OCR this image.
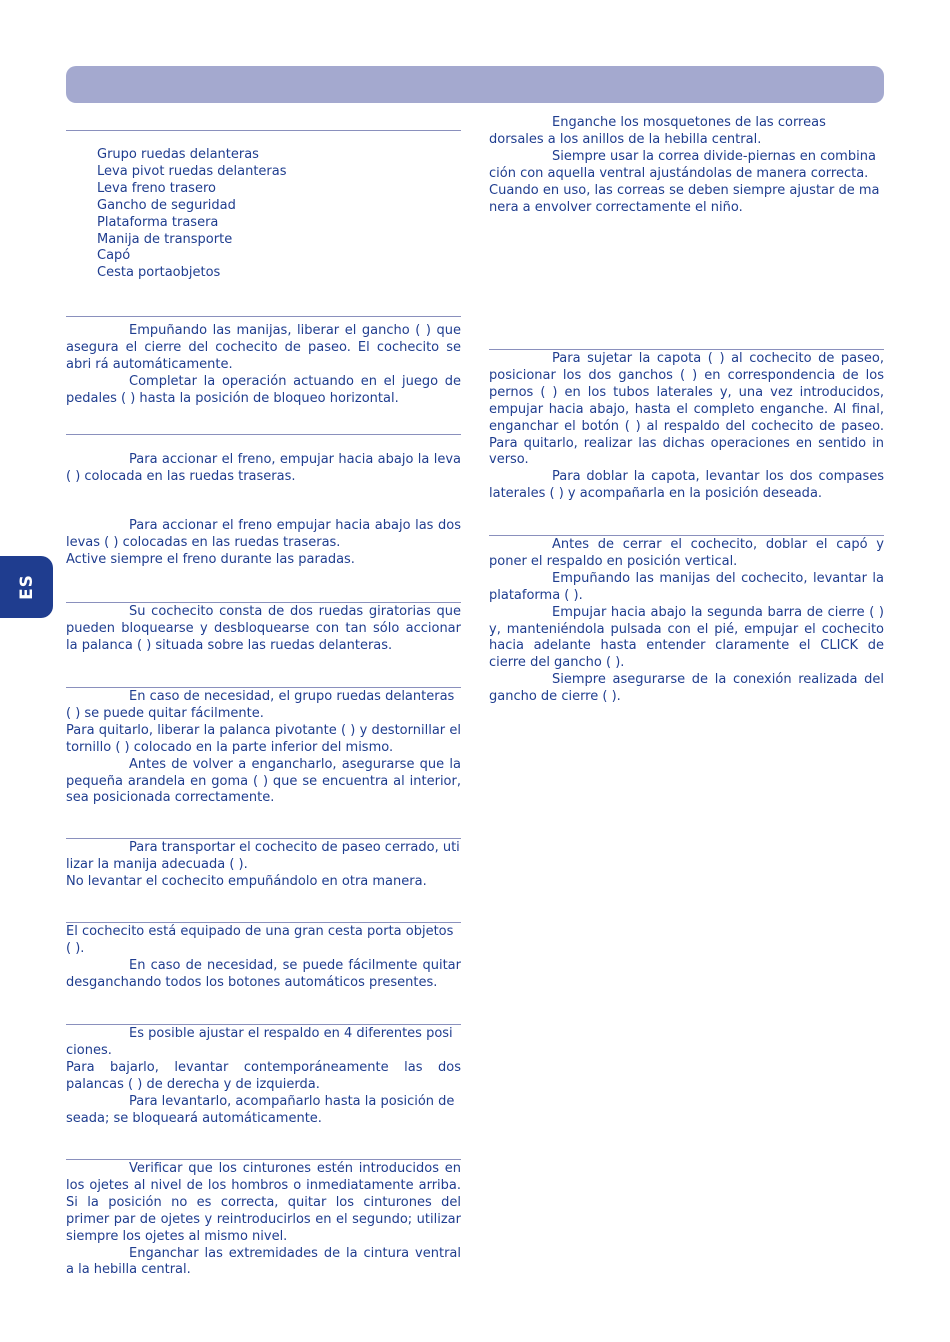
ES
Grupo ruedas delanteras
Leva pivot ruedas delanteras
Leva freno trasero
Gancho de seguridad
Plataforma trasera
Manija de transporte
Capó
Cesta portaobjetos

Empuñando las manijas, liberar el gancho ( ) que asegura el cierre del cochecito de paseo. El cochecito se abri rá automáticamente.

Completar la operación actuando en el juego de pedales ( ) hasta la posición de bloqueo horizontal.

Para accionar el freno, empujar hacia abajo la leva ( ) colocada en las ruedas traseras.

Para accionar el freno empujar hacia abajo las dos levas ( ) colocadas en las ruedas traseras.

Active siempre el freno durante las paradas.

Su cochecito consta de dos ruedas giratorias que pueden bloquearse y desbloquearse con tan sólo accionar la palanca ( ) situada sobre las ruedas delanteras.

En caso de necesidad, el grupo ruedas delanteras ( ) se puede quitar fácilmente.

Para quitarlo, liberar la palanca pivotante ( ) y destornillar el tornillo ( ) colocado en la parte inferior del mismo.

Antes de volver a engancharlo, asegurarse que la pequeña arandela en goma ( ) que se encuentra al interior, sea posicionada correctamente.

Para transportar el cochecito de paseo cerrado, uti lizar la manija adecuada ( ).

No levantar el cochecito empuñándolo en otra manera.

El cochecito está equipado de una gran cesta porta objetos ( ).

En caso de necesidad, se puede fácilmente quitar desganchando todos los botones automáticos presentes.

Es posible ajustar el respaldo en 4 diferentes posi ciones.

Para bajarlo, levantar contemporáneamente las dos palancas ( ) de derecha y de izquierda.

Para levantarlo, acompañarlo hasta la posición de seada; se bloqueará automáticamente.

Verificar que los cinturones estén introducidos en los ojetes al nivel de los hombros o inmediatamente arriba. Si la posición no es correcta, quitar los cinturones del primer par de ojetes y reintroducirlos en el segundo; utilizar siempre los ojetes al mismo nivel.

Enganchar las extremidades de la cintura ventral a la hebilla central.

Enganche los mosquetones de las correas dorsales a los anillos de la hebilla central.

Siempre usar la correa divide-piernas en combina ción con aquella ventral ajustándolas de manera correcta. Cuando en uso, las correas se deben siempre ajustar de ma nera a envolver correctamente el niño.

Para sujetar la capota ( ) al cochecito de paseo, posicionar los dos ganchos ( ) en correspondencia de los pernos ( ) en los tubos laterales y, una vez introducidos, empujar hacia abajo, hasta el completo enganche. Al final, enganchar el botón ( ) al respaldo del cochecito de paseo. Para quitarlo, realizar las dichas operaciones en sentido in verso.

Para doblar la capota, levantar los dos compases laterales ( ) y acompañarla en la posición deseada.

Antes de cerrar el cochecito, doblar el capó y poner el respaldo en posición vertical.

Empuñando las manijas del cochecito, levantar la plataforma ( ).

Empujar hacia abajo la segunda barra de cierre ( ) y, manteniéndola pulsada con el pié, empujar el cochecito hacia adelante hasta entender claramente el CLICK de cierre del gancho ( ).

Siempre asegurarse de la conexión realizada del gancho de cierre ( ).
